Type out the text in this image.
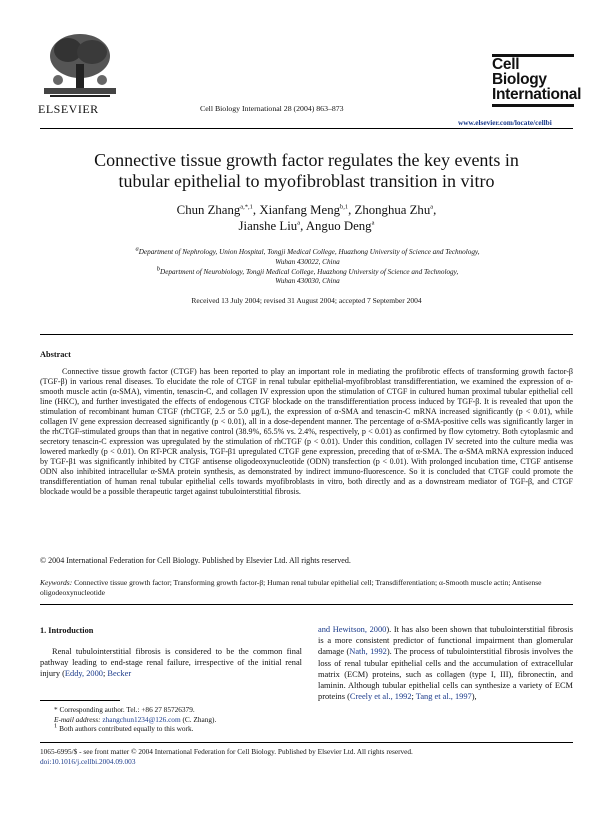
ELSEVIER	Cell Biology International 28 (2004) 863–873
Cell
Biology
International
www.elsevier.com/locate/cellbi
Connective tissue growth factor regulates the key events in
tubular epithelial to myofibroblast transition in vitro
Chun Zhang$^{a,*,1}$, Xianfang Meng$^{b,1}$, Zhonghua Zhu$^a$,
Jianshe Liu$^a$, Anguo Deng$^a$
aDepartment of Nephrology, Union Hospital, Tongji Medical College, Huazhong University of Science and Technology,
Wuhan 430022, China
bDepartment of Neurobiology, Tongji Medical College, Huazhong University of Science and Technology,
Wuhan 430030, China
Received 13 July 2004; revised 31 August 2004; accepted 7 September 2004
Abstract

Connective tissue growth factor (CTGF) has been reported to play an important role in mediating the profibrotic effects of transforming growth factor-β (TGF-β) in various renal diseases. To elucidate the role of CTGF in renal tubular epithelial-myofibroblast transdifferentiation, we examined the expression of α-smooth muscle actin (α-SMA), vimentin, tenascin-C, and collagen IV expression upon the stimulation of CTGF in cultured human proximal tubular epithelial cell line (HKC), and further investigated the effects of endogenous CTGF blockade on the transdifferentiation process induced by TGF-β. It is revealed that upon the stimulation of recombinant human CTGF (rhCTGF, 2.5 or 5.0 μg/L), the expression of α-SMA and tenascin-C mRNA increased significantly (p < 0.01), while collagen IV gene expression decreased significantly (p < 0.01), all in a dose-dependent manner. The percentage of α-SMA-positive cells was significantly larger in the rhCTGF-stimulated groups than that in negative control (38.9%, 65.5% vs. 2.4%, respectively, p < 0.01) as confirmed by flow cytometry. Both cytoplasmic and secretory tenascin-C expression was upregulated by the stimulation of rhCTGF (p < 0.01). Under this condition, collagen IV secreted into the culture media was lowered markedly (p < 0.01). On RT-PCR analysis, TGF-β1 upregulated CTGF gene expression, preceding that of α-SMA. The α-SMA mRNA expression induced by TGF-β1 was significantly inhibited by CTGF antisense oligodeoxynucleotide (ODN) transfection (p < 0.01). With prolonged incubation time, CTGF antisense ODN also inhibited intracellular α-SMA protein synthesis, as demonstrated by indirect immuno-fluorescence. So it is concluded that CTGF could promote the transdifferentiation of human renal tubular epithelial cells towards myofibroblasts in vitro, both directly and as a downstream mediator of TGF-β, and CTGF blockade would be a possible therapeutic target against tubulointerstitial fibrosis.

© 2004 International Federation for Cell Biology. Published by Elsevier Ltd. All rights reserved.
Keywords: Connective tissue growth factor; Transforming growth factor-β; Human renal tubular epithelial cell; Transdifferentiation; α-Smooth muscle actin; Antisense oligodeoxynucleotide
1. Introduction

Renal tubulointerstitial fibrosis is considered to be the common final pathway leading to end-stage renal failure, irrespective of the initial renal injury (Eddy, 2000; Becker

and Hewitson, 2000). It has also been shown that tubulointerstitial fibrosis is a more consistent predictor of functional impairment than glomerular damage (Nath, 1992). The process of tubulointerstitial fibrosis involves the loss of renal tubular epithelial cells and the accumulation of extracellular matrix (ECM) proteins, such as collagen (type I, III), fibronectin, and laminin. Although tubular epithelial cells can synthesize a variety of ECM proteins (Creely et al., 1992; Tang et al., 1997),

* Corresponding author. Tel.: +86 27 85726379.
E-mail address: zhangchun1234@126.com (C. Zhang).
1 Both authors contributed equally to this work.
1065-6995/$ - see front matter © 2004 International Federation for Cell Biology. Published by Elsevier Ltd. All rights reserved.
doi:10.1016/j.cellbi.2004.09.003
